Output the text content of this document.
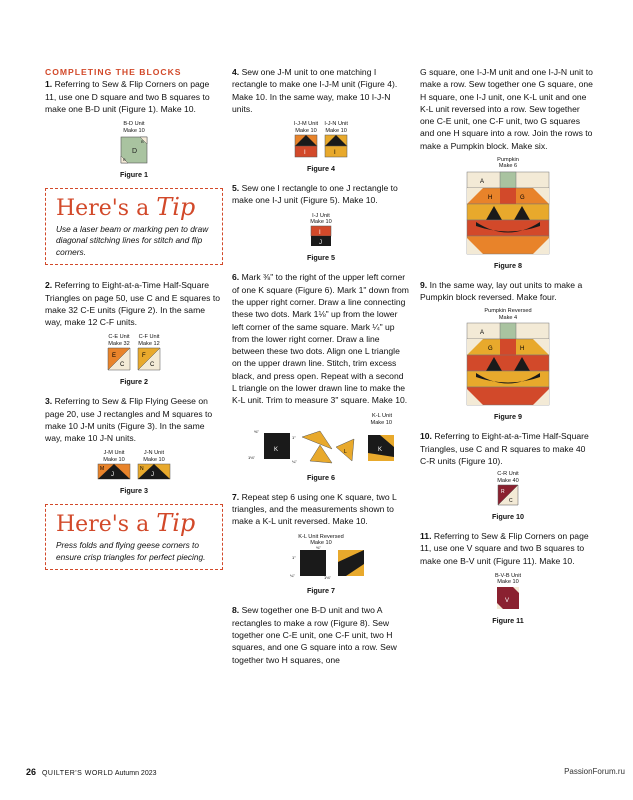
COMPLETING THE BLOCKS

1. Referring to Sew & Flip Corners on page 11, use one D square and two B squares to make one B-D unit (Figure 1). Make 10.

B-D Unit
Make 10
D
B
B
Figure 1
Here's a Tip
Use a laser beam or marking pen to draw diagonal stitching lines for stitch and flip corners.

2. Referring to Eight-at-a-Time Half-Square Triangles on page 50, use C and E squares to make 32 C-E units (Figure 2). In the same way, make 12 C-F units.

C-E Unit
Make 32
E
C
C-F Unit
Make 12
F
C
Figure 2

3. Referring to Sew & Flip Flying Geese on page 20, use J rectangles and M squares to make 10 J-M units (Figure 3). In the same way, make 10 J-N units.

J-M Unit
Make 10
J
M
J-N Unit
Make 10
J
N
Figure 3
Here's a Tip
Press folds and flying geese corners to ensure crisp triangles for perfect piecing.

4. Sew one J-M unit to one matching I rectangle to make one I-J-M unit (Figure 4). Make 10. In the same way, make 10 I-J-N units.

I-J-M Unit
Make 10
I
I-J-N Unit
Make 10
I
Figure 4

5. Sew one I rectangle to one J rectangle to make one I-J unit (Figure 5). Make 10.

I-J Unit
Make 10
I
J
Figure 5

6. Mark ⅜" to the right of the upper left corner of one K square (Figure 6). Mark 1" down from the upper right corner. Draw a line connecting these two dots. Mark 1⅛" up from the lower left corner of the same square. Mark ¼" up from the lower right corner. Draw a line between these two dots. Align one L triangle on the upper drawn line. Stitch, trim excess black, and press open. Repeat with a second L triangle on the lower drawn line to make the K-L unit. Trim to measure 3" square. Make 10.

K-L Unit
Make 10
K
⅜"
1"
1⅛"
¼"
L	K
Figure 6

7. Repeat step 6 using one K square, two L triangles, and the measurements shown to make a K-L unit reversed. Make 10.

K-L Unit Reversed
Make 10
1"
⅜"
¼"	1⅛"
Figure 7

8. Sew together one B-D unit and two A rectangles to make a row (Figure 8). Sew together one C-E unit, one C-F unit, two H squares, and one G square into a row. Sew together two H squares, one

G square, one I-J-M unit and one I-J-N unit to make a row. Sew together one G square, one H square, one I-J unit, one K-L unit and one K-L unit reversed into a row. Sew together one C-E unit, one C-F unit, two G squares and one H square into a row. Join the rows to make a Pumpkin block. Make six.

Pumpkin
Make 6
A
H	G
Figure 8

9. In the same way, lay out units to make a Pumpkin block reversed. Make four.

Pumpkin Reversed
Make 4
A
G	H
Figure 9

10. Referring to Eight-at-a-Time Half-Square Triangles, use C and R squares to make 40 C-R units (Figure 10).

C-R Unit
Make 40
R
C
Figure 10

11. Referring to Sew & Flip Corners on page 11, use one V square and two B squares to make one B-V unit (Figure 11). Make 10.

B-V-B Unit
Make 10
V
Figure 11
26 QUILTER'S WORLD Autumn 2023	PassionForum.ru
